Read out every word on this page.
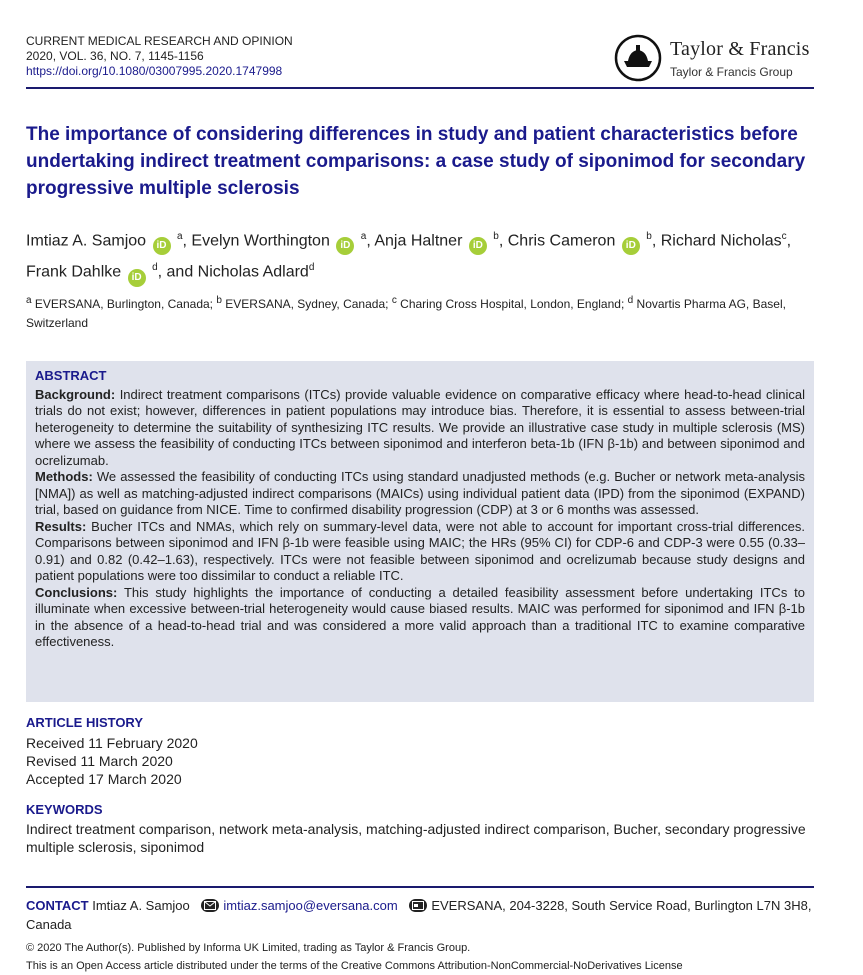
CURRENT MEDICAL RESEARCH AND OPINION
2020, VOL. 36, NO. 7, 1145-1156
https://doi.org/10.1080/03007995.2020.1747998
Taylor & Francis
Taylor & Francis Group
The importance of considering differences in study and patient characteristics before undertaking indirect treatment comparisons: a case study of siponimod for secondary progressive multiple sclerosis
Imtiaz A. Samjoo iD $^a$, Evelyn Worthington iD $^a$, Anja Haltner iD $^b$, Chris Cameron iD $^b$, Richard Nicholas$^c$, Frank Dahlke iD $^d$, and Nicholas Adlard$^d$
$^a$ EVERSANA, Burlington, Canada; $^b$ EVERSANA, Sydney, Canada; $^c$ Charing Cross Hospital, London, England; $^d$ Novartis Pharma AG, Basel, Switzerland
ABSTRACT
Background: Indirect treatment comparisons (ITCs) provide valuable evidence on comparative efficacy where head-to-head clinical trials do not exist; however, differences in patient populations may introduce bias. Therefore, it is essential to assess between-trial heterogeneity to determine the suitability of synthesizing ITC results. We provide an illustrative case study in multiple sclerosis (MS) where we assess the feasibility of conducting ITCs between siponimod and interferon beta-1b (IFN β-1b) and between siponimod and ocrelizumab.
Methods: We assessed the feasibility of conducting ITCs using standard unadjusted methods (e.g. Bucher or network meta-analysis [NMA]) as well as matching-adjusted indirect comparisons (MAICs) using individual patient data (IPD) from the siponimod (EXPAND) trial, based on guidance from NICE. Time to confirmed disability progression (CDP) at 3 or 6 months was assessed.
Results: Bucher ITCs and NMAs, which rely on summary-level data, were not able to account for important cross-trial differences. Comparisons between siponimod and IFN β-1b were feasible using MAIC; the HRs (95% CI) for CDP-6 and CDP-3 were 0.55 (0.33–0.91) and 0.82 (0.42–1.63), respectively. ITCs were not feasible between siponimod and ocrelizumab because study designs and patient populations were too dissimilar to conduct a reliable ITC.
Conclusions: This study highlights the importance of conducting a detailed feasibility assessment before undertaking ITCs to illuminate when excessive between-trial heterogeneity would cause biased results. MAIC was performed for siponimod and IFN β-1b in the absence of a head-to-head trial and was considered a more valid approach than a traditional ITC to examine comparative effectiveness.
ARTICLE HISTORY
Received 11 February 2020
Revised 11 March 2020
Accepted 17 March 2020
KEYWORDS
Indirect treatment comparison, network meta-analysis, matching-adjusted indirect comparison, Bucher, secondary progressive multiple sclerosis, siponimod
CONTACT Imtiaz A. Samjoo	imtiaz.samjoo@eversana.com	EVERSANA, 204-3228, South Service Road, Burlington L7N 3H8, Canada
© 2020 The Author(s). Published by Informa UK Limited, trading as Taylor & Francis Group.
This is an Open Access article distributed under the terms of the Creative Commons Attribution-NonCommercial-NoDerivatives License
